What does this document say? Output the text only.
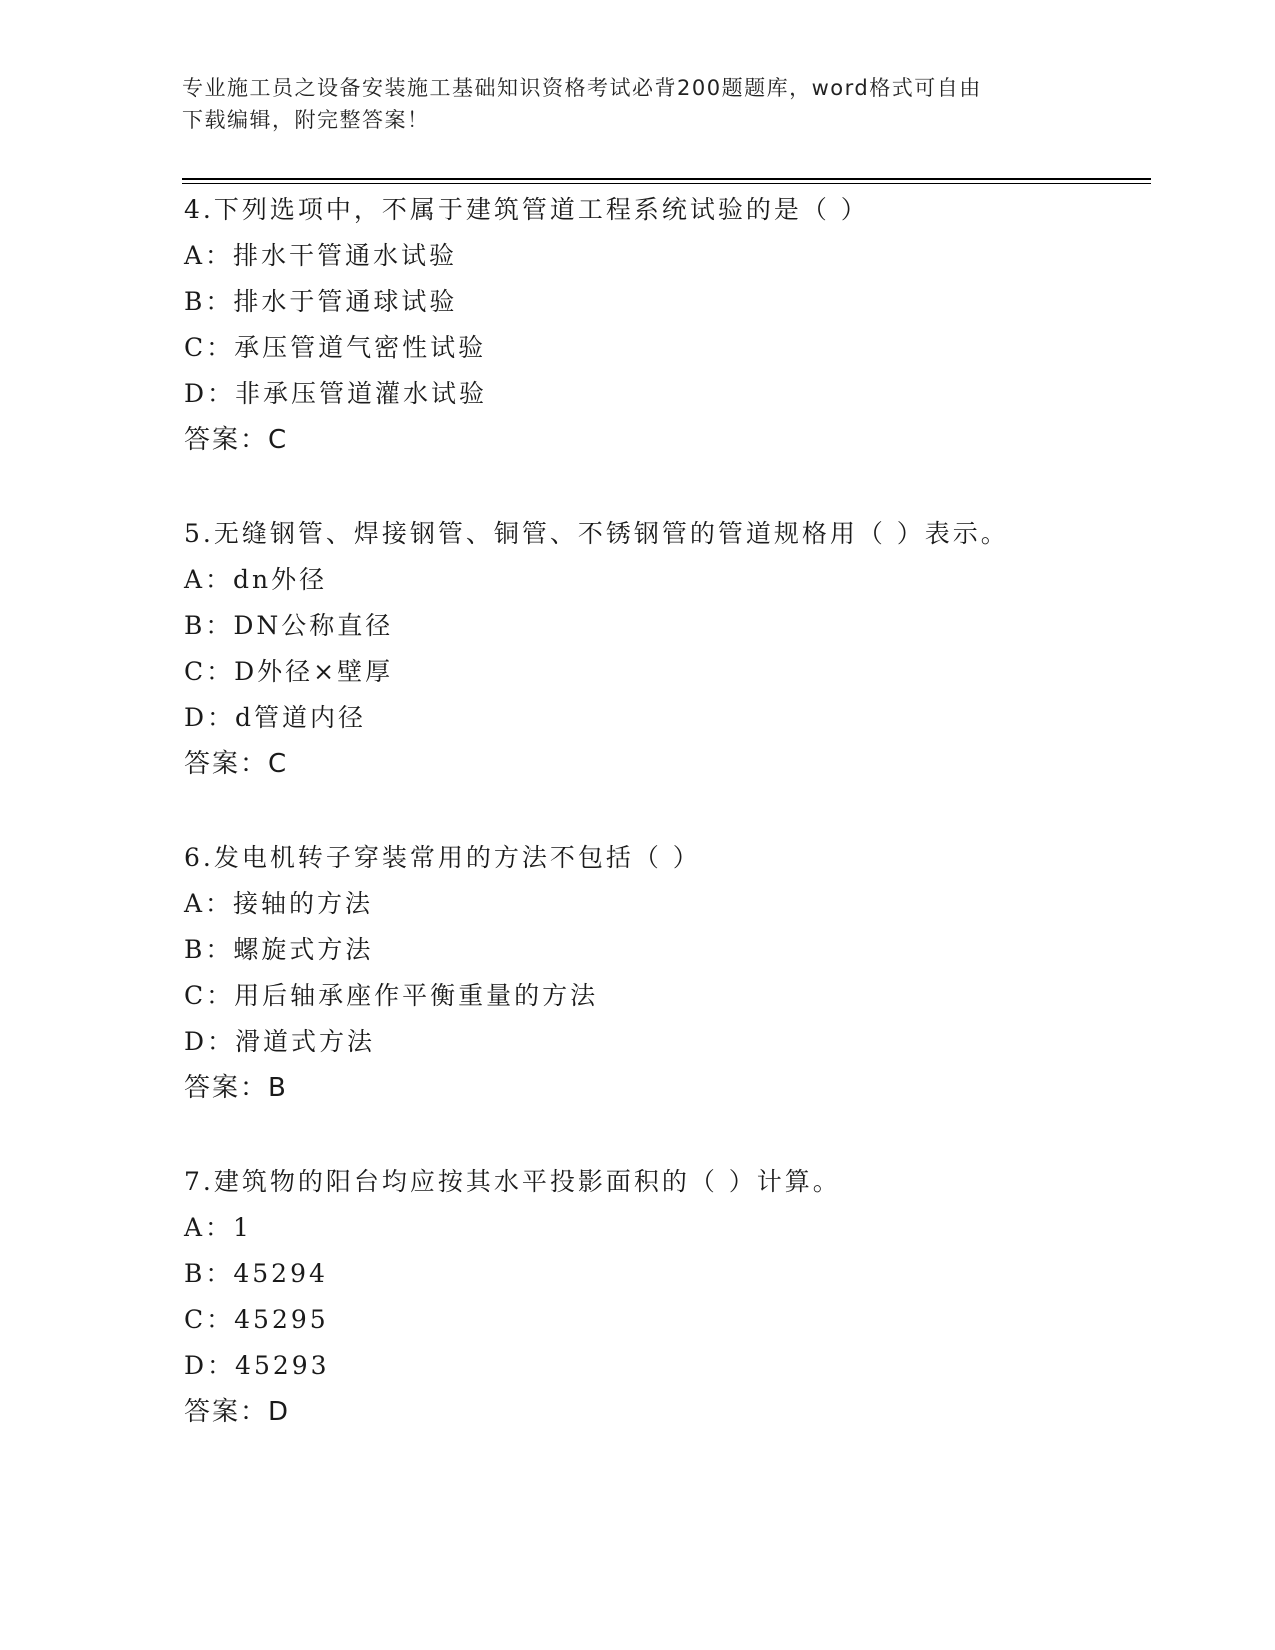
专业施工员之设备安装施工基础知识资格考试必背200题题库，word格式可自由
下载编辑，附完整答案！
4.下列选项中，不属于建筑管道工程系统试验的是（ ）
A：排水干管通水试验
B：排水于管通球试验
C：承压管道气密性试验
D：非承压管道灌水试验
答案：C
5.无缝钢管、焊接钢管、铜管、不锈钢管的管道规格用（ ）表示。
A：dn外径
B：DN公称直径
C：D外径×壁厚
D：d管道内径
答案：C
6.发电机转子穿装常用的方法不包括（ ）
A：接轴的方法
B：螺旋式方法
C：用后轴承座作平衡重量的方法
D：滑道式方法
答案：B
7.建筑物的阳台均应按其水平投影面积的（ ）计算。
A：1
B：45294
C：45295
D：45293
答案：D
